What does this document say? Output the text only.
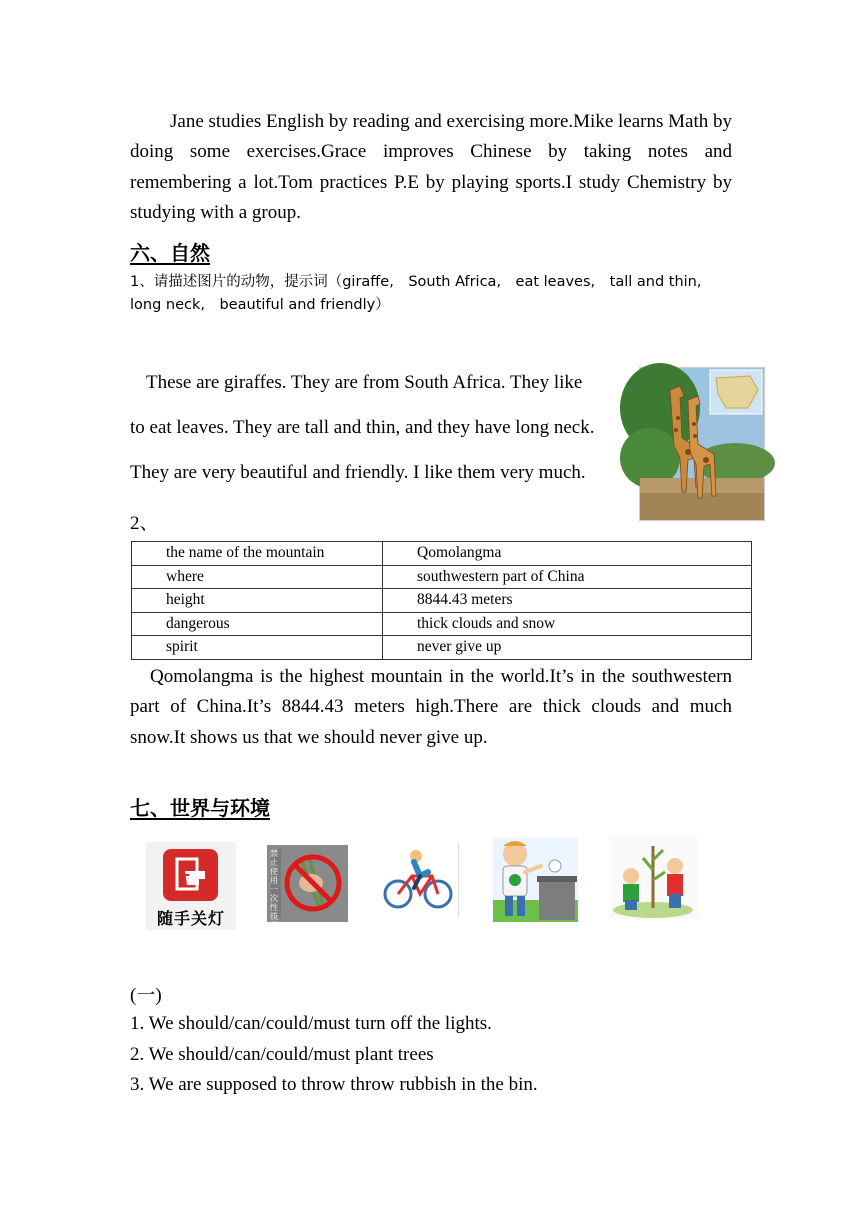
Jane studies English by reading and exercising more.Mike learns Math by doing some exercises.Grace improves Chinese by taking notes and remembering a lot.Tom practices P.E by playing sports.I study Chemistry by studying with a group.
六、自然
1、请描述图片的动物，提示词（giraffe,　South Africa,　eat leaves,　tall and thin, long neck,　beautiful and friendly）
These are giraffes. They are from South Africa. They like
to eat leaves. They are tall and thin, and they have long neck.
They are very beautiful and friendly. I like them very much.
2、
the name of the mountain	Qomolangma
where	southwestern part of China
height	8844.43 meters
dangerous	thick clouds and snow
spirit	never give up
Qomolangma is the highest mountain in the world.It’s in the southwestern part of China.It’s 8844.43 meters high.There are thick clouds and much snow.It shows us that we should never give up.
七、世界与环境
随手关灯
禁止使用一次性筷子
(一)
1. We should/can/could/must turn off the lights.
2. We should/can/could/must plant trees
3. We are supposed to throw throw rubbish in the bin.
